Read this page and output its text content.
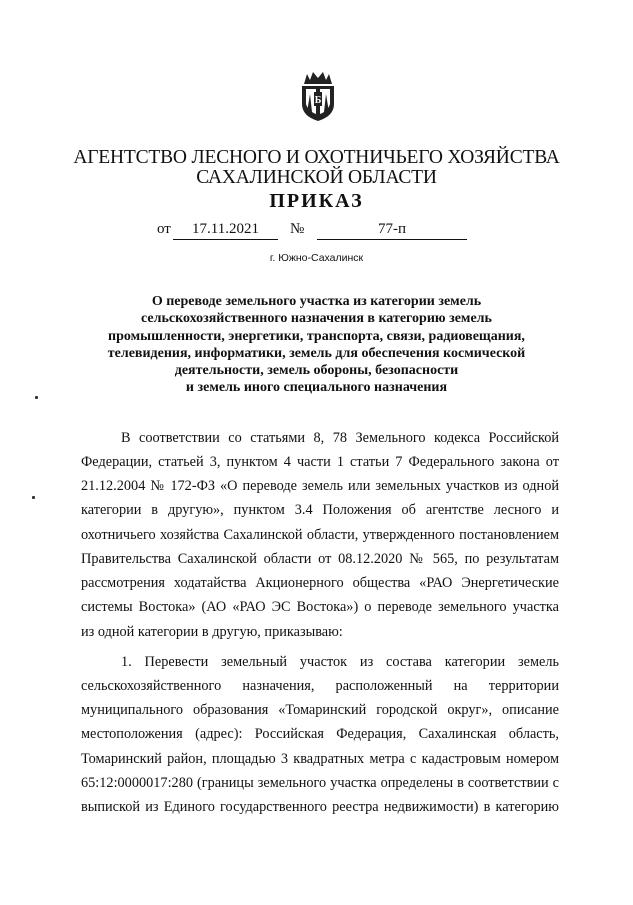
Б
АГЕНТСТВО ЛЕСНОГО И ОХОТНИЧЬЕГО ХОЗЯЙСТВА
САХАЛИНСКОЙ ОБЛАСТИ
ПРИКАЗ
от	17.11.2021	№	77-п
г. Южно-Сахалинск
О переводе земельного участка из категории земель
сельскохозяйственного назначения в категорию земель
промышленности, энергетики, транспорта, связи, радиовещания,
телевидения, информатики, земель для обеспечения космической
деятельности, земель обороны, безопасности
и земель иного специального назначения
В соответствии со статьями 8, 78 Земельного кодекса Российской
Федерации, статьей 3, пунктом 4 части 1 статьи 7 Федерального закона от
21.12.2004 № 172-ФЗ «О переводе земель или земельных участков из одной
категории в другую», пунктом 3.4 Положения об агентстве лесного и
охотничьего хозяйства Сахалинской области, утвержденного постановлением
Правительства Сахалинской области от 08.12.2020 № 565, по результатам
рассмотрения ходатайства Акционерного общества «РАО Энергетические
системы Востока» (АО «РАО ЭС Востока») о переводе земельного участка
из одной категории в другую, приказываю:
1. Перевести земельный участок из состава категории земель
сельскохозяйственного назначения, расположенный на территории
муниципального образования «Томаринский городской округ», описание
местоположения (адрес): Российская Федерация, Сахалинская область,
Томаринский район, площадью 3 квадратных метра с кадастровым номером
65:12:0000017:280 (границы земельного участка определены в соответствии с
выпиской из Единого государственного реестра недвижимости) в категорию
